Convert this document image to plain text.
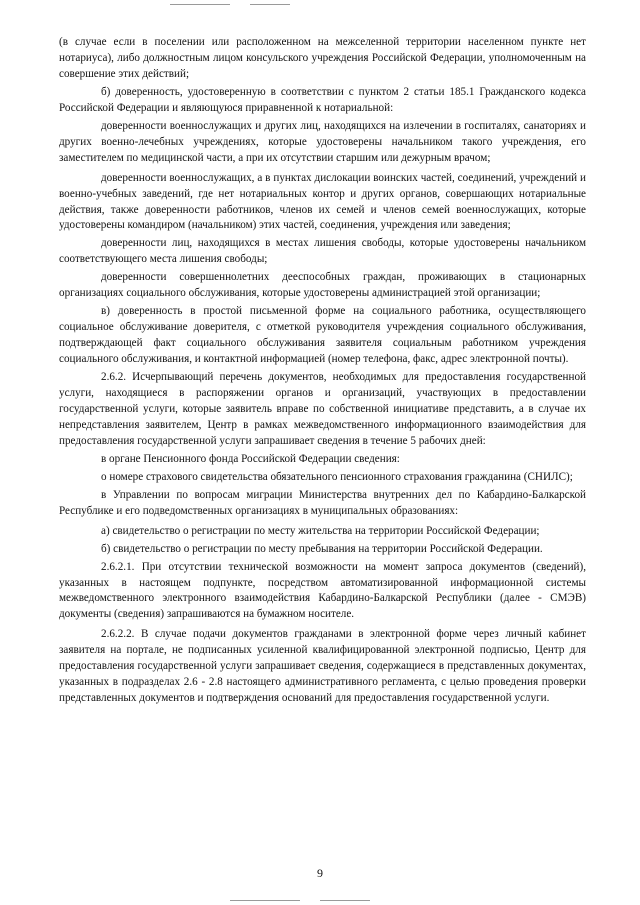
(в случае если в поселении или расположенном на межселенной территории населенном пункте нет нотариуса), либо должностным лицом консульского учреждения Российской Федерации, уполномоченным на совершение этих действий;

б) доверенность, удостоверенную в соответствии с пунктом 2 статьи 185.1 Гражданского кодекса Российской Федерации и являющуюся приравненной к нотариальной:

доверенности военнослужащих и других лиц, находящихся на излечении в госпиталях, санаториях и других военно-лечебных учреждениях, которые удостоверены начальником такого учреждения, его заместителем по медицинской части, а при их отсутствии старшим или дежурным врачом;

доверенности военнослужащих, а в пунктах дислокации воинских частей, соединений, учреждений и военно-учебных заведений, где нет нотариальных контор и других органов, совершающих нотариальные действия, также доверенности работников, членов их семей и членов семей военнослужащих, которые удостоверены командиром (начальником) этих частей, соединения, учреждения или заведения;

доверенности лиц, находящихся в местах лишения свободы, которые удостоверены начальником соответствующего места лишения свободы;

доверенности совершеннолетних дееспособных граждан, проживающих в стационарных организациях социального обслуживания, которые удостоверены администрацией этой организации;

в) доверенность в простой письменной форме на социального работника, осуществляющего социальное обслуживание доверителя, с отметкой руководителя учреждения социального обслуживания, подтверждающей факт социального обслуживания заявителя социальным работником учреждения социального обслуживания, и контактной информацией (номер телефона, факс, адрес электронной почты).

2.6.2. Исчерпывающий перечень документов, необходимых для предоставления государственной услуги, находящиеся в распоряжении органов и организаций, участвующих в предоставлении государственной услуги, которые заявитель вправе по собственной инициативе представить, а в случае их непредставления заявителем, Центр в рамках межведомственного информационного взаимодействия для предоставления государственной услуги запрашивает сведения в течение 5 рабочих дней:

в органе Пенсионного фонда Российской Федерации сведения:

о номере страхового свидетельства обязательного пенсионного страхования гражданина (СНИЛС);

в Управлении по вопросам миграции Министерства внутренних дел по Кабардино-Балкарской Республике и его подведомственных организациях в муниципальных образованиях:

а) свидетельство о регистрации по месту жительства на территории Российской Федерации;

б) свидетельство о регистрации по месту пребывания на территории Российской Федерации.

2.6.2.1. При отсутствии технической возможности на момент запроса документов (сведений), указанных в настоящем подпункте, посредством автоматизированной информационной системы межведомственного электронного взаимодействия Кабардино-Балкарской Республики (далее - СМЭВ) документы (сведения) запрашиваются на бумажном носителе.

2.6.2.2. В случае подачи документов гражданами в электронной форме через личный кабинет заявителя на портале, не подписанных усиленной квалифицированной электронной подписью, Центр для предоставления государственной услуги запрашивает сведения, содержащиеся в представленных документах, указанных в подразделах 2.6 - 2.8 настоящего административного регламента, с целью проведения проверки представленных документов и подтверждения оснований для предоставления государственной услуги.

9
